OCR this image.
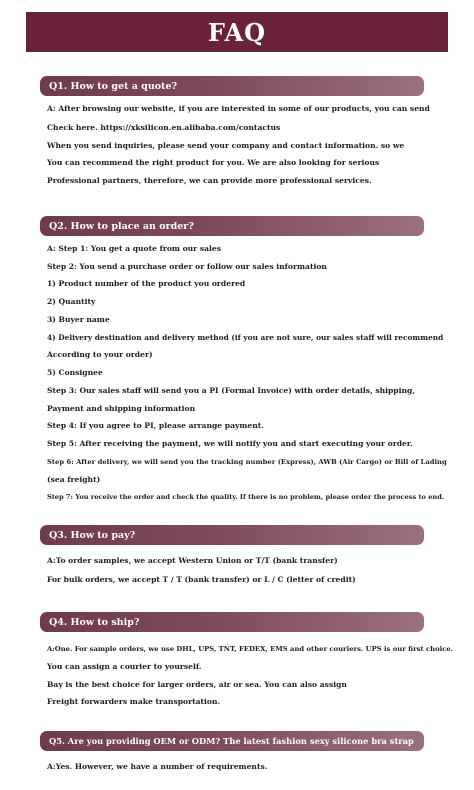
FAQ
Q1. How to get a quote?
A: After browsing our website, if you are interested in some of our products, you can send
Check here. https://xksilicon.en.alibaba.com/contactus
When you send inquiries, please send your company and contact information. so we
You can recommend the right product for you. We are also looking for serious
Professional partners, therefore, we can provide more professional services.
Q2. How to place an order?
A: Step 1: You get a quote from our sales
Step 2: You send a purchase order or follow our sales information
1) Product number of the product you ordered
2) Quantity
3) Buyer name
4) Delivery destination and delivery method (if you are not sure, our sales staff will recommend
According to your order)
5) Consignee
Step 3: Our sales staff will send you a PI (Formal Invoice) with order details, shipping,
Payment and shipping information
Step 4: If you agree to PI, please arrange payment.
Step 5: After receiving the payment, we will notify you and start executing your order.
Step 6: After delivery, we will send you the tracking number (Express), AWB (Air Cargo) or Bill of Lading
(sea freight)
Step 7: You receive the order and check the quality. If there is no problem, please order the process to end.
Q3. How to pay?
A:To order samples, we accept Western Union or T/T (bank transfer)
For bulk orders, we accept T / T (bank transfer) or L / C (letter of credit)
Q4. How to ship?
A:One. For sample orders, we use DHL, UPS, TNT, FEDEX, EMS and other couriers. UPS is our first choice.
You can assign a courier to yourself.
Bay is the best choice for larger orders, air or sea. You can also assign
Freight forwarders make transportation.
Q5. Are you providing OEM or ODM? The latest fashion sexy silicone bra strap
A:Yes. However, we have a number of requirements.
